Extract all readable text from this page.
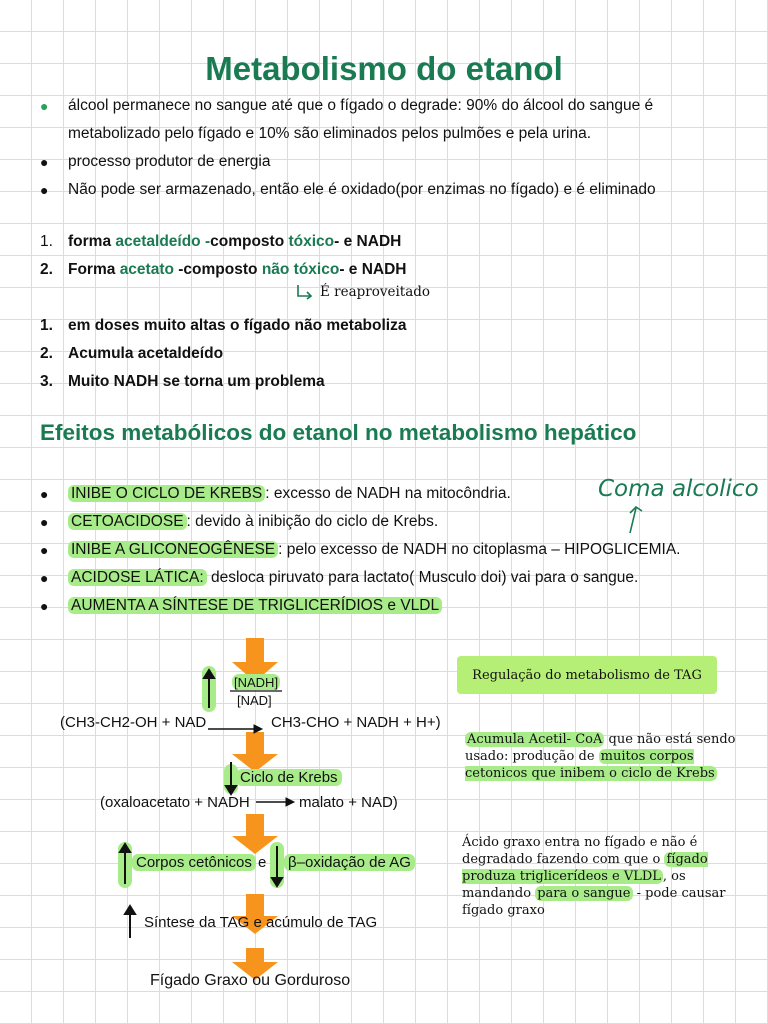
Metabolismo do etanol
● álcool permanece no sangue até que o fígado o degrade: 90% do álcool do sangue é metabolizado pelo fígado e 10% são eliminados pelos pulmões e pela urina.
● processo produtor de energia
● Não pode ser armazenado, então ele é oxidado(por enzimas no fígado) e é eliminado
1. forma acetaldeído -composto tóxico- e NADH
2. Forma acetato -composto não tóxico- e NADH
É reaproveitado
1. em doses muito altas o fígado não metaboliza
2. Acumula acetaldeído
3. Muito NADH se torna um problema
Efeitos metabólicos do etanol no metabolismo hepático
● INIBE O CICLO DE KREBS : excesso de NADH na mitocôndria.
● CETOACIDOSE : devido à inibição do ciclo de Krebs.
● INIBE A GLICONEOGÊNESE : pelo excesso de NADH no citoplasma – HIPOGLICEMIA.
● ACIDOSE LÁTICA: desloca piruvato para lactato( Musculo doi) vai para o sangue.
● AUMENTA A SÍNTESE DE TRIGLICERÍDIOS e VLDL
Coma alcolico
[NADH]
[NAD]
(CH3-CH2-OH + NAD	CH3-CHO + NADH + H+)
Ciclo de Krebs
(oxaloacetato + NADH	malato + NAD)
Corpos cetônicos e β–oxidação de AG
Síntese da TAG e acúmulo de TAG
Fígado Graxo ou Gorduroso
Regulação do metabolismo de TAG
Acumula Acetil- CoA que não está sendo usado: produção de muitos corpos cetonicos que inibem o ciclo de Krebs
Ácido graxo entra no fígado e não é degradado fazendo com que o fígado produza triglicerídeos e VLDL , os mandando para o sangue - pode causar fígado graxo
